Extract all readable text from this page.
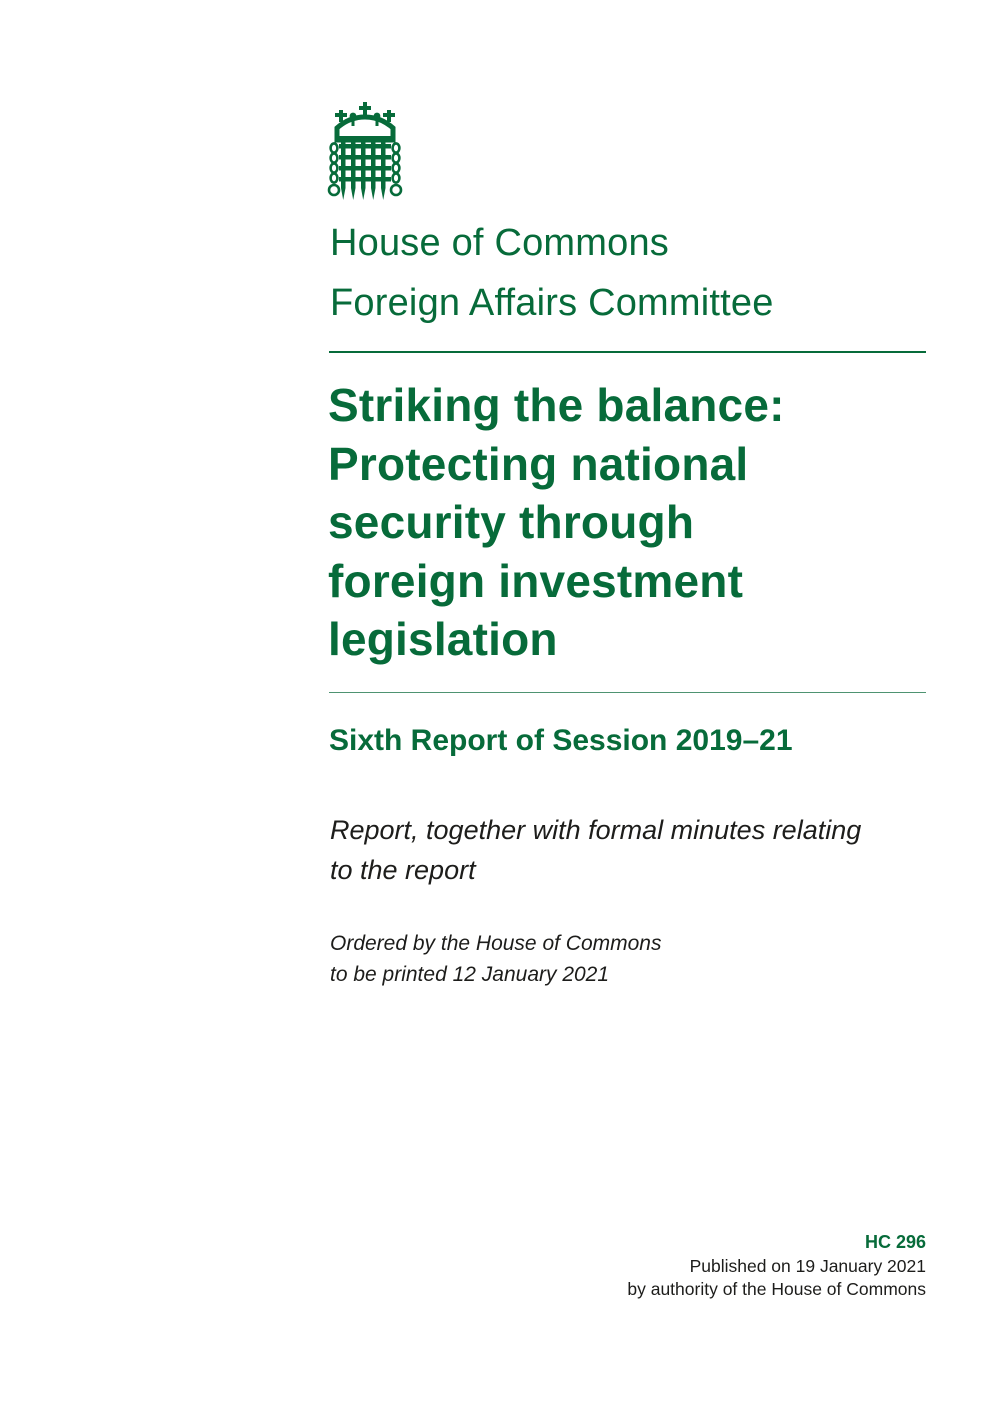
House of Commons
Foreign Affairs Committee
Striking the balance:
Protecting national
security through
foreign investment
legislation
Sixth Report of Session 2019–21
Report, together with formal minutes relating
to the report
Ordered by the House of Commons
to be printed 12 January 2021
HC 296
Published on 19 January 2021
by authority of the House of Commons
